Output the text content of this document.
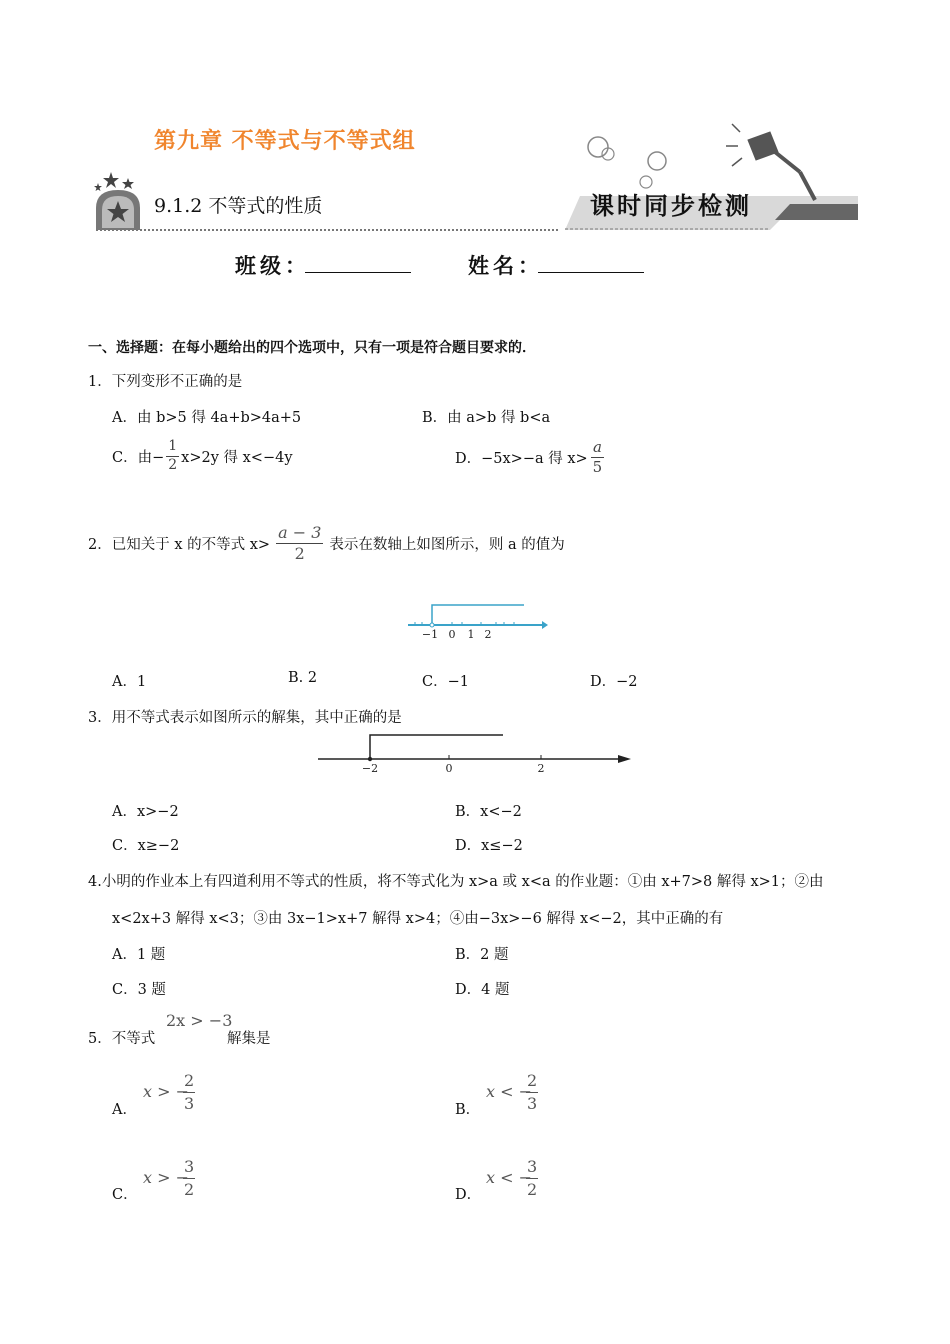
第九章 不等式与不等式组
9.1.2 不等式的性质	课时同步检测
班级：	姓名：
一、选择题：在每小题给出的四个选项中，只有一项是符合题目要求的．
1．下列变形不正确的是
A．由 b>5 得 4a+b>4a+5	B．由 a>b 得 b<a
C．由− $\frac{1}{2} x>2y$ 得 x<−4y	D．−5x>−a 得 $x> \frac{a}{5}$
2． 已知关于 x 的不等式 $x> \frac{a - 3}{2}$ 表示在数轴上如图所示，则 a 的值为
−1 0 1 2
A．1	B. 2	C．−1	D．−2
3．用不等式表示如图所示的解集，其中正确的是
−2	0	2
A．x>−2	B．x<−2
C．x≥−2	D．x≤−2
4.小明的作业本上有四道利用不等式的性质，将不等式化为 x>a 或 x<a 的作业题：①由 x+7>8 解得 x>1；②由
x<2x+3 解得 x<3；③由 3x−1>x+7 解得 x>4；④由−3x>−6 解得 x<−2，其中正确的有
A．1 题	B．2 题
C．3 题	D．4 题
5．不等式
2x > −3
解集是
A．
x > −
2
3	B．
x < −
2
3
C．
x > −
3
2	D．
x < −
3
2
